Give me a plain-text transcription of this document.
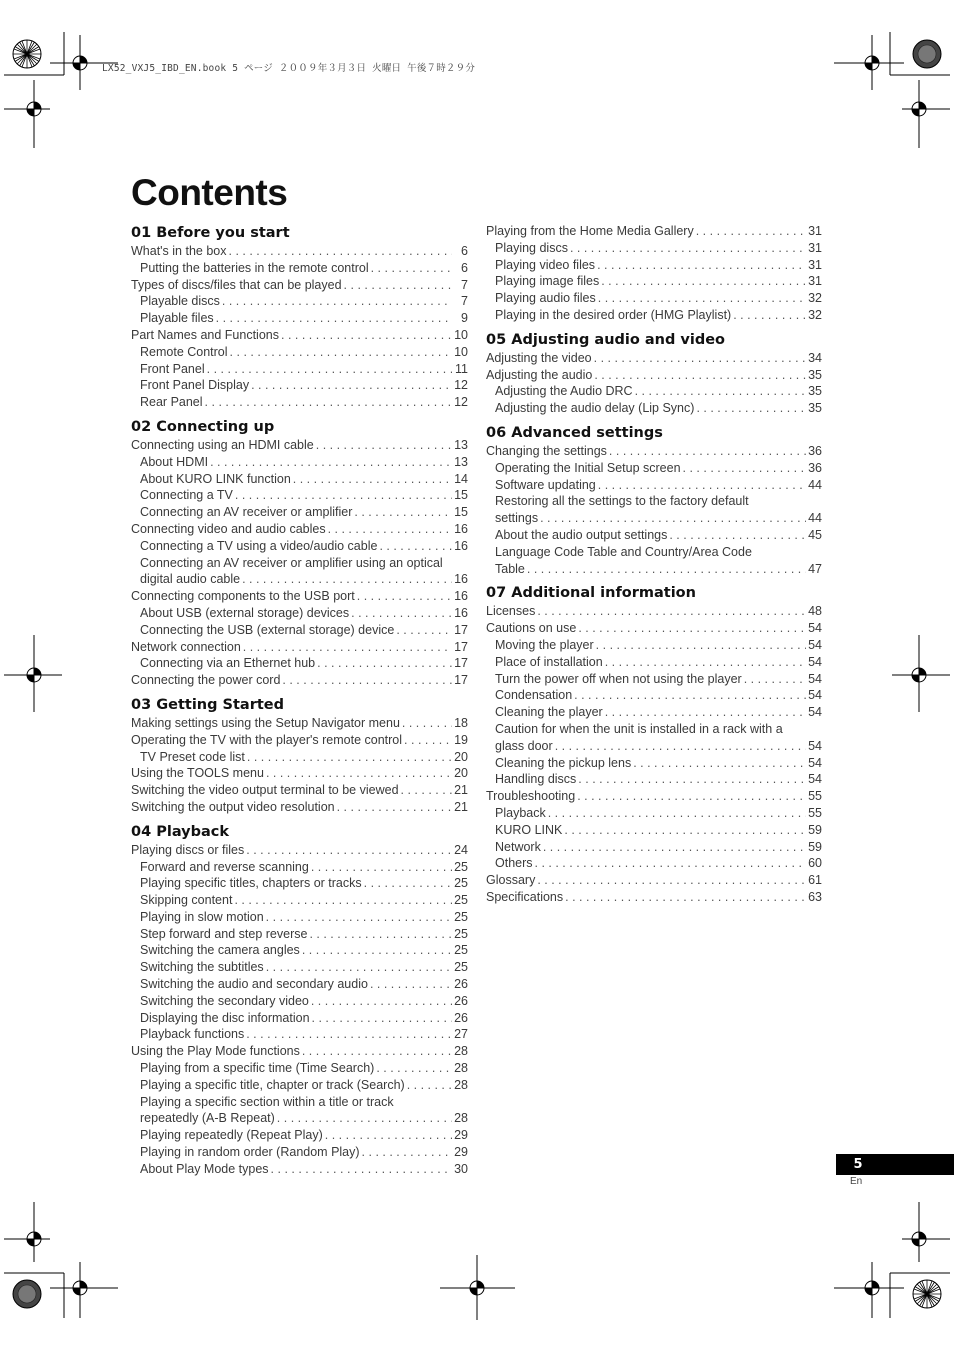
LX52_VXJ5_IBD_EN.book 5 ページ ２００９年３月３日 火曜日 午後７時２９分
Contents
01 Before you start
What's in the box . . .	6
Putting the batteries in the remote control . . .	6
Types of discs/files that can be played . . .	7
Playable discs . . .	7
Playable files . . .	9
Part Names and Functions . . .	10
Remote Control . . .	10
Front Panel . . .	11
Front Panel Display . . .	12
Rear Panel . . .	12
02 Connecting up
Connecting using an HDMI cable . . .	13
About HDMI . . .	13
About KURO LINK function . . .	14
Connecting a TV . . .	15
Connecting an AV receiver or amplifier . . .	15
Connecting video and audio cables . . .	16
Connecting a TV using a video/audio cable . . .	16
Connecting an AV receiver or amplifier using an optical
digital audio cable . . .	16
Connecting components to the USB port . . .	16
About USB (external storage) devices . . .	16
Connecting the USB (external storage) device . . .	17
Network connection . . .	17
Connecting via an Ethernet hub . . .	17
Connecting the power cord . . .	17
03 Getting Started
Making settings using the Setup Navigator menu . . .	18
Operating the TV with the player's remote control . . .	19
TV Preset code list . . .	20
Using the TOOLS menu . . .	20
Switching the video output terminal to be viewed . . .	21
Switching the output video resolution . . .	21
04 Playback
Playing discs or files . . .	24
Forward and reverse scanning . . .	25
Playing specific titles, chapters or tracks . . .	25
Skipping content . . .	25
Playing in slow motion . . .	25
Step forward and step reverse . . .	25
Switching the camera angles . . .	25
Switching the subtitles . . .	25
Switching the audio and secondary audio . . .	26
Switching the secondary video . . .	26
Displaying the disc information . . .	26
Playback functions . . .	27
Using the Play Mode functions . . .	28
Playing from a specific time (Time Search) . . .	28
Playing a specific title, chapter or track (Search) . . .	28
Playing a specific section within a title or track
repeatedly (A-B Repeat) . . .	28
Playing repeatedly (Repeat Play) . . .	29
Playing in random order (Random Play) . . .	29
About Play Mode types . . .	30
Playing from the Home Media Gallery . . .	31
Playing discs . . .	31
Playing video files . . .	31
Playing image files . . .	31
Playing audio files . . .	32
Playing in the desired order (HMG Playlist) . . .	32
05 Adjusting audio and video
Adjusting the video . . .	34
Adjusting the audio . . .	35
Adjusting the Audio DRC . . .	35
Adjusting the audio delay (Lip Sync) . . .	35
06 Advanced settings
Changing the settings . . .	36
Operating the Initial Setup screen . . .	36
Software updating . . .	44
Restoring all the settings to the factory default
settings . . .	44
About the audio output settings . . .	45
Language Code Table and Country/Area Code
Table . . .	47
07 Additional information
Licenses . . .	48
Cautions on use . . .	54
Moving the player . . .	54
Place of installation . . .	54
Turn the power off when not using the player . . .	54
Condensation . . .	54
Cleaning the player . . .	54
Caution for when the unit is installed in a rack with a
glass door . . .	54
Cleaning the pickup lens . . .	54
Handling discs . . .	54
Troubleshooting . . .	55
Playback . . .	55
KURO LINK . . .	59
Network . . .	59
Others . . .	60
Glossary . . .	61
Specifications . . .	63
5
En
